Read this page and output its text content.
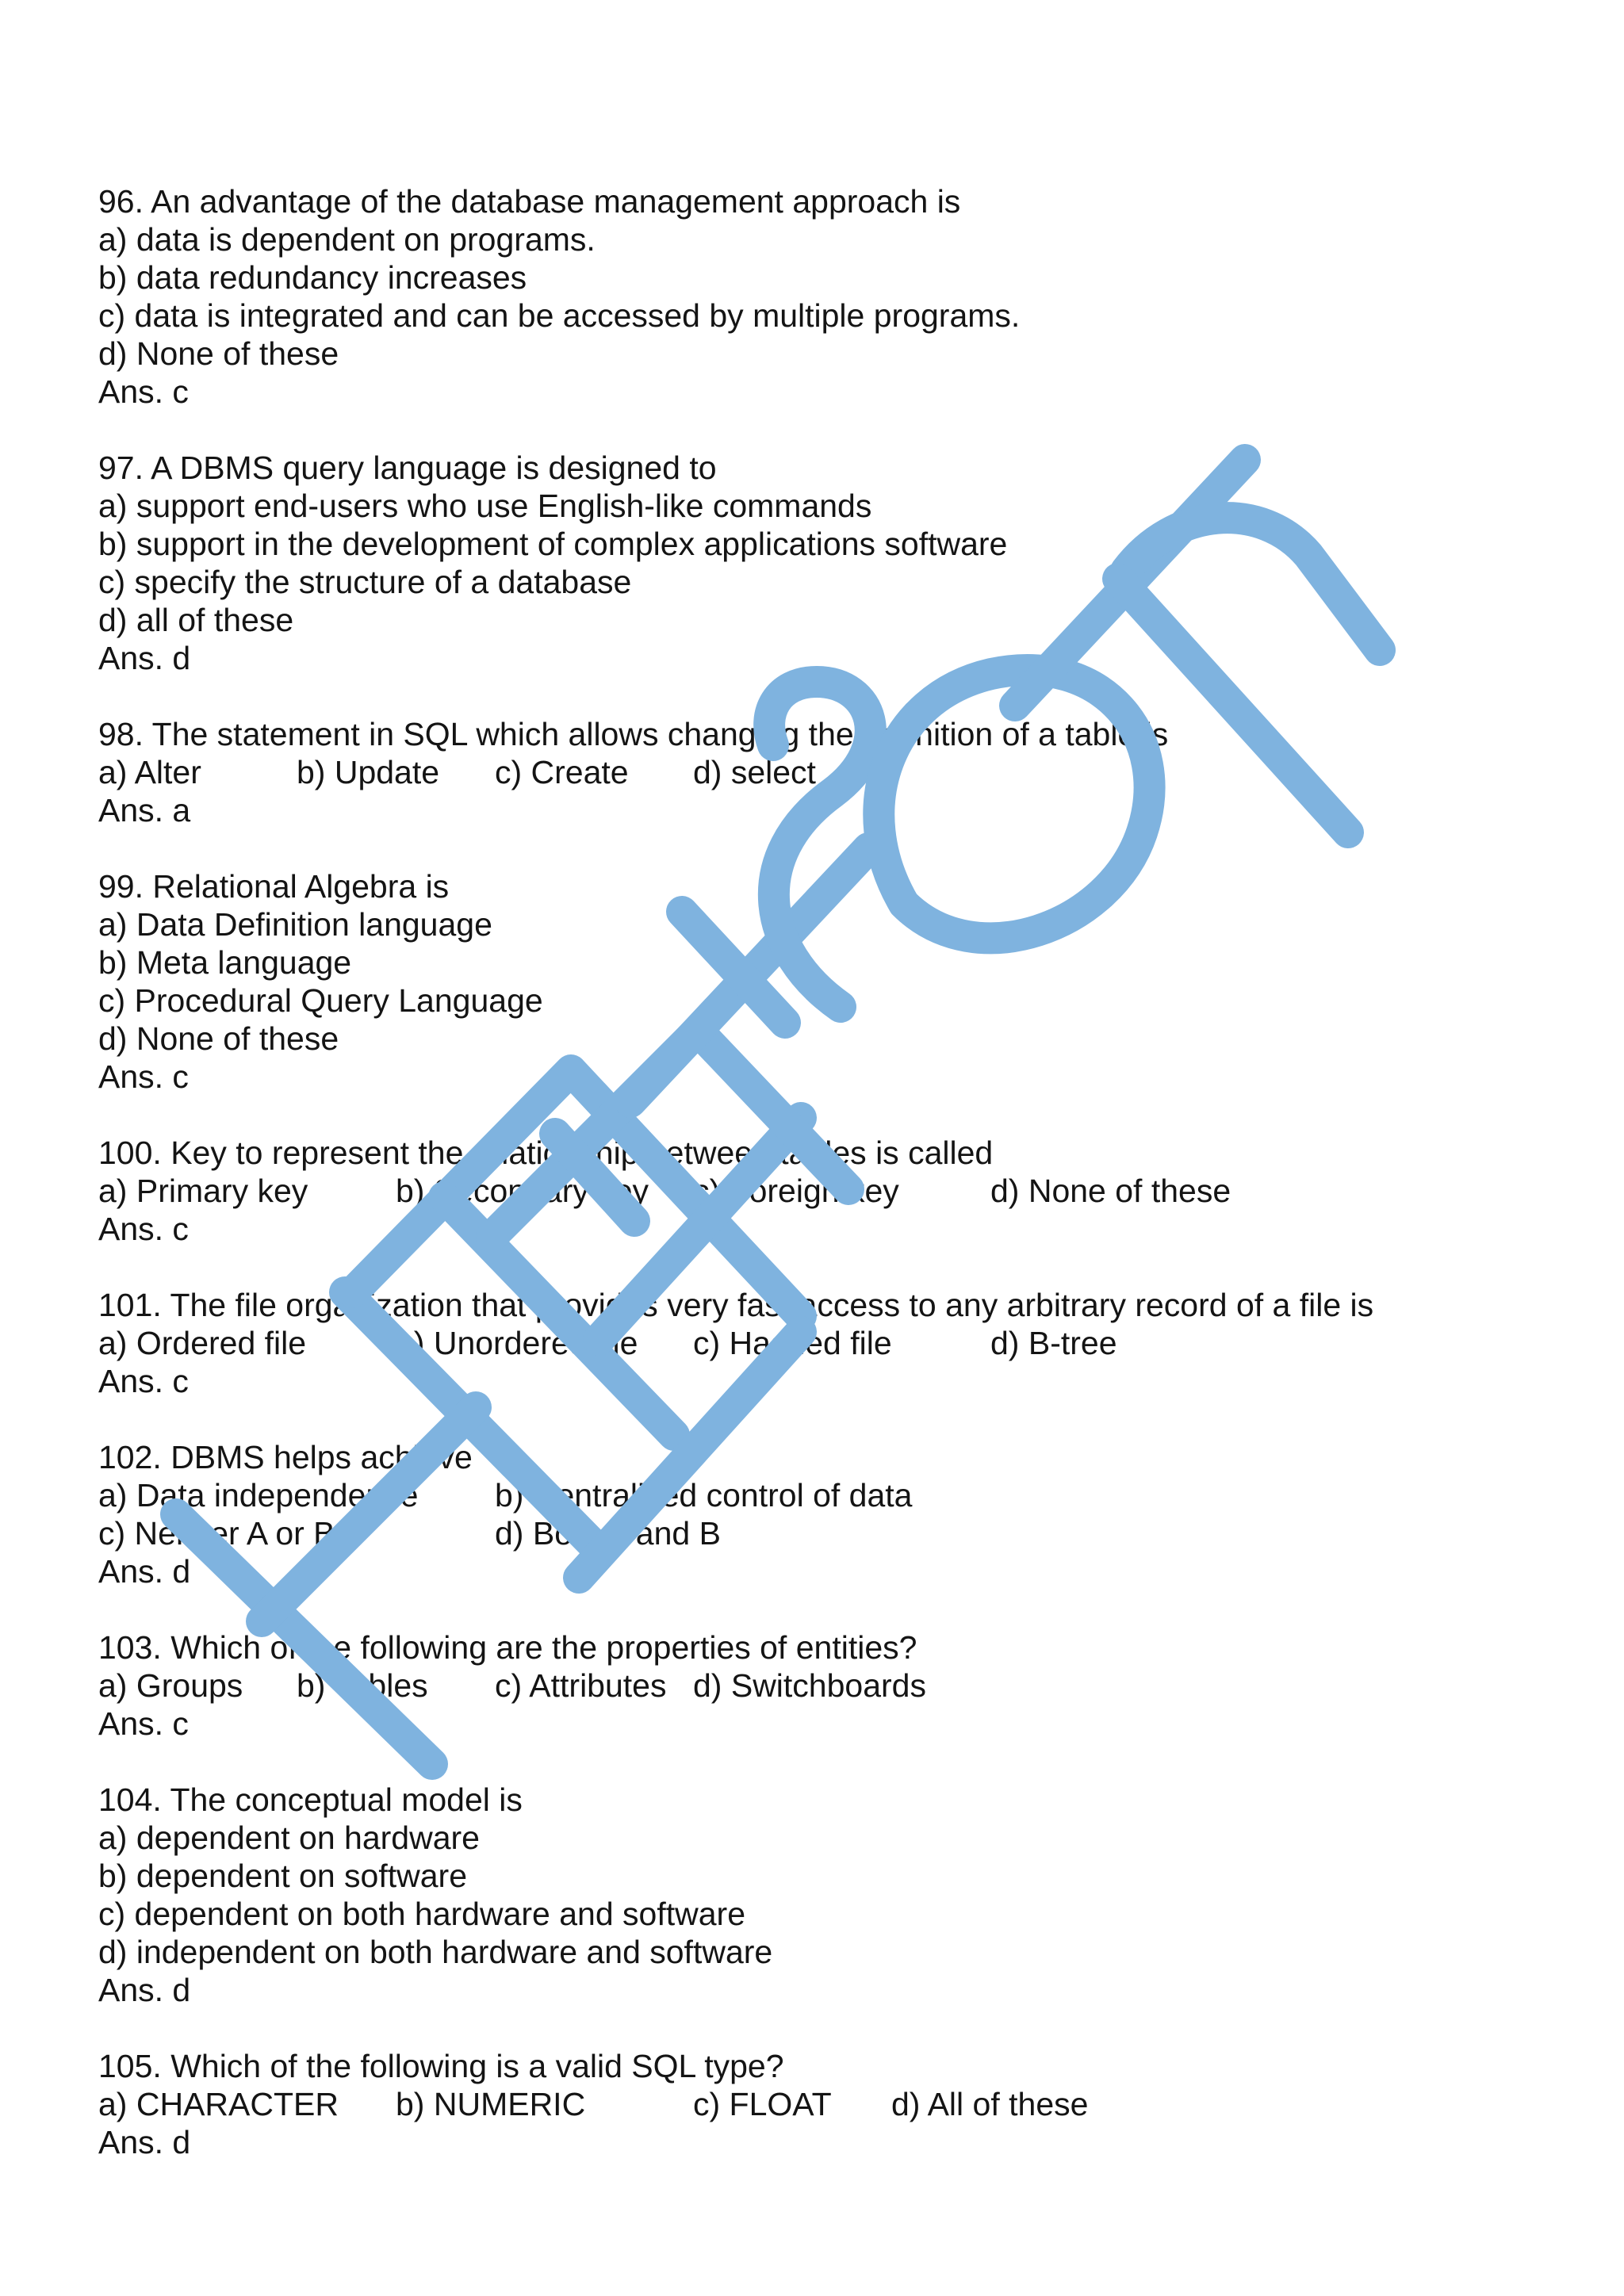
96. An advantage of the database management approach is
a) data is dependent on programs.
b) data redundancy increases
c) data is integrated and can be accessed by multiple programs.
d) None of these
Ans. c
97. A DBMS query language is designed to
a) support end-users who use English-like commands
b) support in the development of complex applications software
c) specify the structure of a database
d) all of these
Ans. d
98. The statement in SQL which allows changing the definition of a table is
a) Alter	b) Update c) Create d) select
Ans. a
99. Relational Algebra is
a) Data Definition language
b) Meta language
c) Procedural Query Language
d) None of these
Ans. c
100. Key to represent the relationship between tables is called
a) Primary key	b) Secondary key c) Foreign key	d) None of these
Ans. c
101. The file organization that provides very fast access to any arbitrary record of a file is
a) Ordered file	b) Unordered file c) Hashed file	d) B-tree
Ans. c
102. DBMS helps achieve
a) Data independence b) Centralised control of data
c) Neither A or B	d) Both A and B
Ans. d
103. Which of the following are the properties of entities?
a) Groups b) Tables c) Attributes d) Switchboards
Ans. c
104. The conceptual model is
a) dependent on hardware
b) dependent on software
c) dependent on both hardware and software
d) independent on both hardware and software
Ans. d
105. Which of the following is a valid SQL type?
a) CHARACTER b) NUMERIC	c) FLOAT d) All of these
Ans. d
